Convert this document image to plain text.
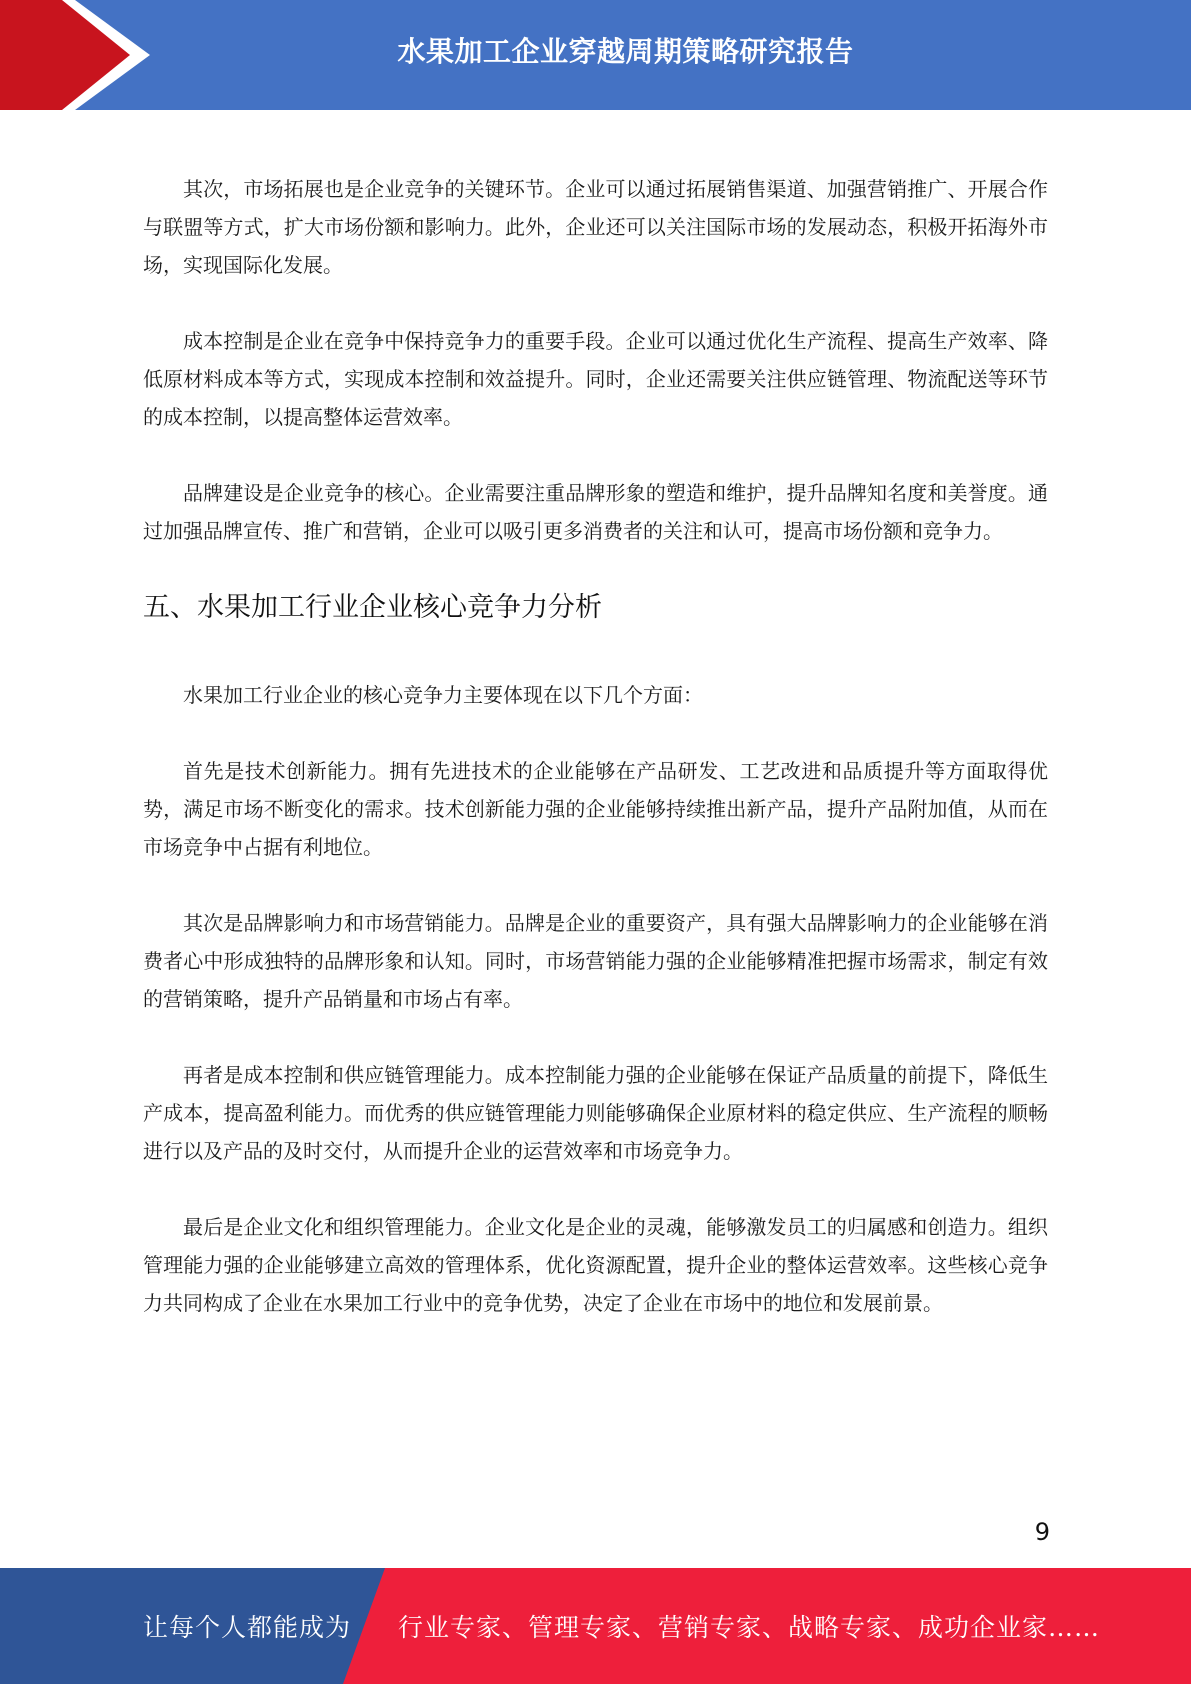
水果加工企业穿越周期策略研究报告

其次，市场拓展也是企业竞争的关键环节。企业可以通过拓展销售渠道、加强营销推广、开展合作与联盟等方式，扩大市场份额和影响力。此外，企业还可以关注国际市场的发展动态，积极开拓海外市场，实现国际化发展。

成本控制是企业在竞争中保持竞争力的重要手段。企业可以通过优化生产流程、提高生产效率、降低原材料成本等方式，实现成本控制和效益提升。同时，企业还需要关注供应链管理、物流配送等环节的成本控制，以提高整体运营效率。

品牌建设是企业竞争的核心。企业需要注重品牌形象的塑造和维护，提升品牌知名度和美誉度。通过加强品牌宣传、推广和营销，企业可以吸引更多消费者的关注和认可，提高市场份额和竞争力。

五、水果加工行业企业核心竞争力分析

水果加工行业企业的核心竞争力主要体现在以下几个方面：

首先是技术创新能力。拥有先进技术的企业能够在产品研发、工艺改进和品质提升等方面取得优势，满足市场不断变化的需求。技术创新能力强的企业能够持续推出新产品，提升产品附加值，从而在市场竞争中占据有利地位。

其次是品牌影响力和市场营销能力。品牌是企业的重要资产，具有强大品牌影响力的企业能够在消费者心中形成独特的品牌形象和认知。同时，市场营销能力强的企业能够精准把握市场需求，制定有效的营销策略，提升产品销量和市场占有率。

再者是成本控制和供应链管理能力。成本控制能力强的企业能够在保证产品质量的前提下，降低生产成本，提高盈利能力。而优秀的供应链管理能力则能够确保企业原材料的稳定供应、生产流程的顺畅进行以及产品的及时交付，从而提升企业的运营效率和市场竞争力。

最后是企业文化和组织管理能力。企业文化是企业的灵魂，能够激发员工的归属感和创造力。组织管理能力强的企业能够建立高效的管理体系，优化资源配置，提升企业的整体运营效率。这些核心竞争力共同构成了企业在水果加工行业中的竞争优势，决定了企业在市场中的地位和发展前景。

9
让每个人都能成为 行业专家、管理专家、营销专家、战略专家、成功企业家……
